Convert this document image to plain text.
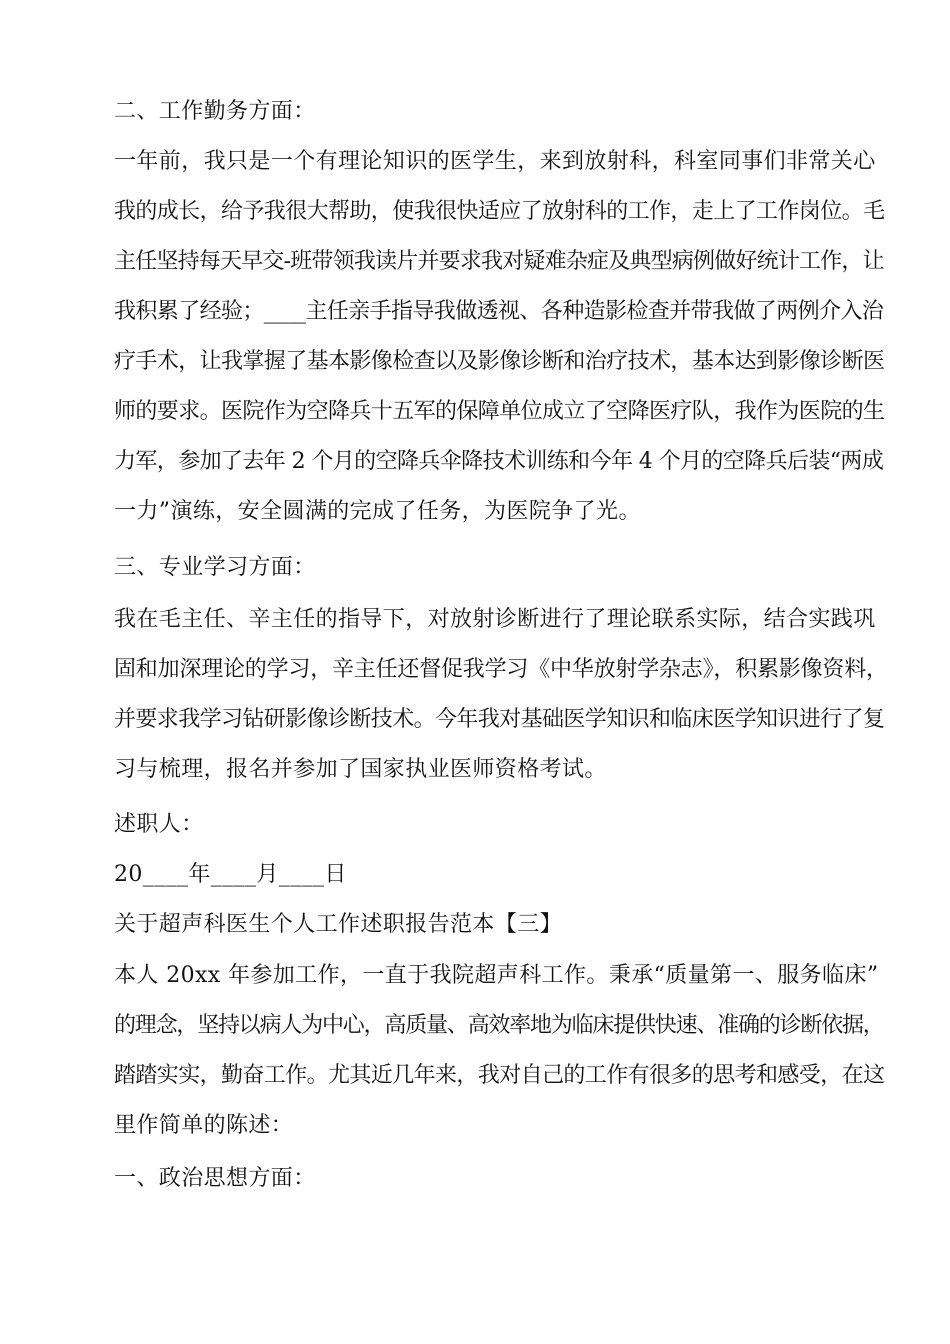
二、工作勤务方面：
一年前，我只是一个有理论知识的医学生，来到放射科，科室同事们非常关心
我的成长，给予我很大帮助，使我很快适应了放射科的工作，走上了工作岗位。毛
主任坚持每天早交-班带领我读片并要求我对疑难杂症及典型病例做好统计工作，让
我积累了经验；____主任亲手指导我做透视、各种造影检查并带我做了两例介入治
疗手术，让我掌握了基本影像检查以及影像诊断和治疗技术，基本达到影像诊断医
师的要求。医院作为空降兵十五军的保障单位成立了空降医疗队，我作为医院的生
力军，参加了去年 2 个月的空降兵伞降技术训练和今年 4 个月的空降兵后装“两成
一力”演练，安全圆满的完成了任务，为医院争了光。
三、专业学习方面：
我在毛主任、辛主任的指导下，对放射诊断进行了理论联系实际，结合实践巩
固和加深理论的学习，辛主任还督促我学习《中华放射学杂志》，积累影像资料，
并要求我学习钻研影像诊断技术。今年我对基础医学知识和临床医学知识进行了复
习与梳理，报名并参加了国家执业医师资格考试。
述职人：
20____年____月____日
关于超声科医生个人工作述职报告范本【三】
本人 20xx 年参加工作，一直于我院超声科工作。秉承“质量第一、服务临床”
的理念，坚持以病人为中心，高质量、高效率地为临床提供快速、准确的诊断依据，
踏踏实实，勤奋工作。尤其近几年来，我对自己的工作有很多的思考和感受，在这
里作简单的陈述：
一、政治思想方面：
